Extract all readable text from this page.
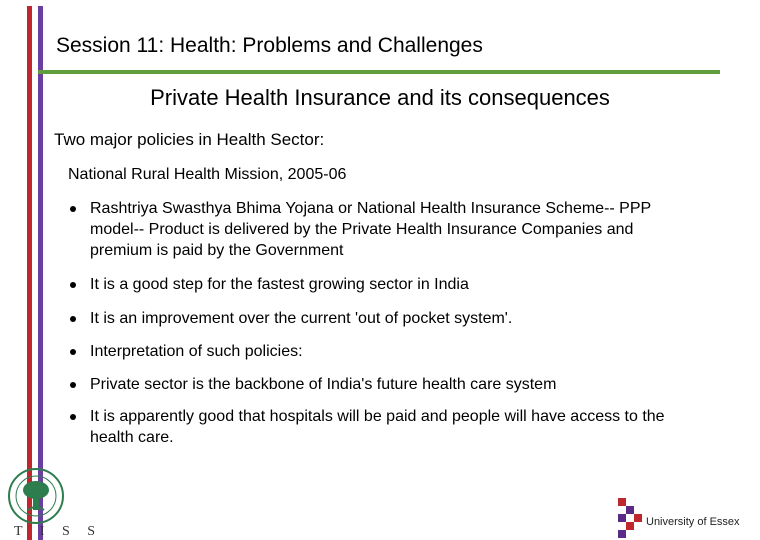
Session 11: Health: Problems and Challenges
Private Health Insurance and its consequences
Two major policies in Health Sector:
National Rural Health Mission, 2005-06
Rashtriya Swasthya Bhima Yojana or National Health Insurance Scheme-- PPP model-- Product is delivered by the Private Health Insurance Companies and premium is paid by the Government
It is a good step for the fastest growing sector in India
It is an improvement over the current 'out of pocket system'.
Interpretation of such policies:
Private sector is the backbone of India's future health care system
It is apparently good that hospitals will be paid and people will have access to the health care.
T I S S
University of Essex
